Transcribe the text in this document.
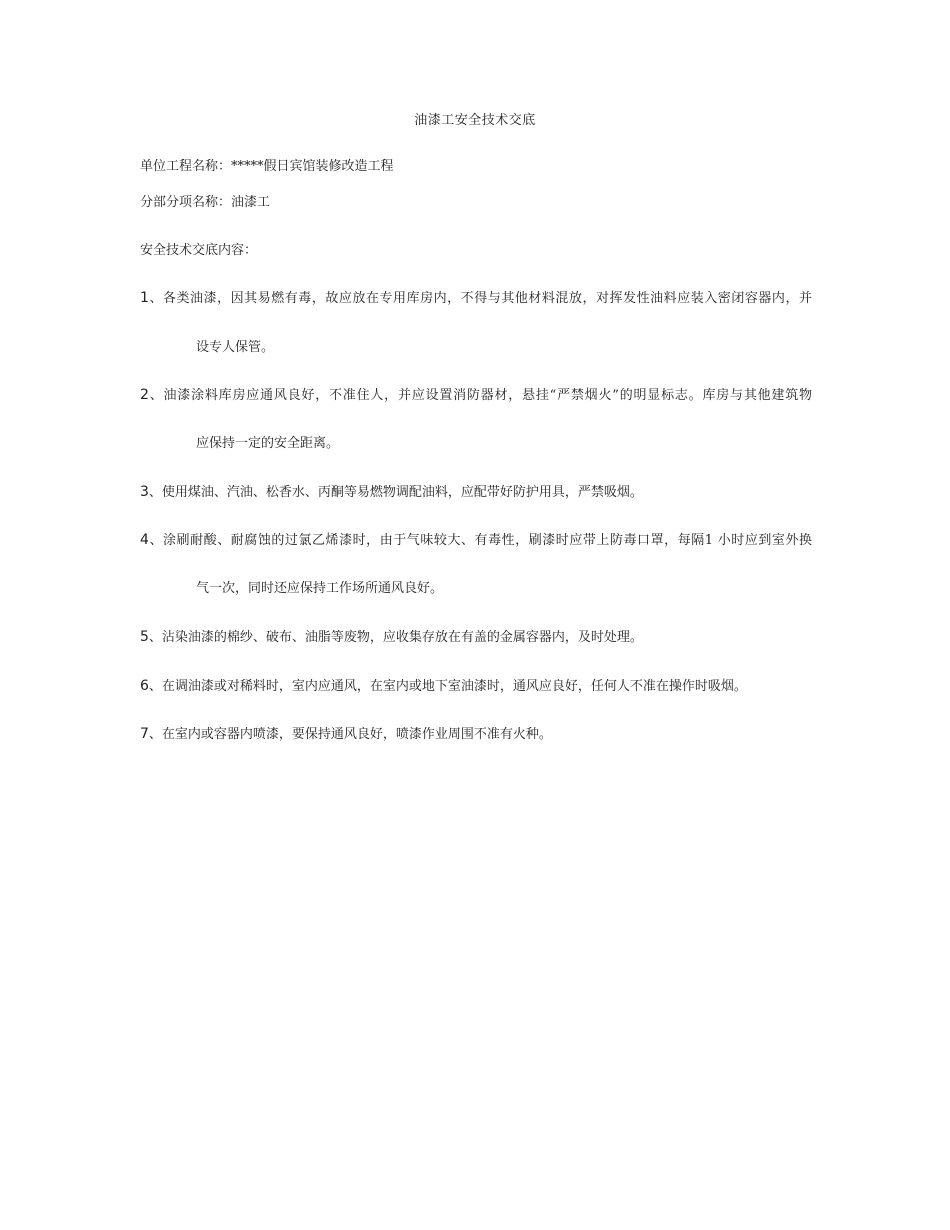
油漆工安全技术交底
单位工程名称：*****假日宾馆装修改造工程
分部分项名称：油漆工
安全技术交底内容：
1、各类油漆，因其易燃有毒，故应放在专用库房内，不得与其他材料混放，对挥发性油料应装入密闭容器内，并
设专人保管。
2、油漆涂料库房应通风良好，不准住人，并应设置消防器材，悬挂“严禁烟火”的明显标志。库房与其他建筑物
应保持一定的安全距离。
3、使用煤油、汽油、松香水、丙酮等易燃物调配油料，应配带好防护用具，严禁吸烟。
4、涂刷耐酸、耐腐蚀的过氯乙烯漆时，由于气味较大、有毒性，刷漆时应带上防毒口罩，每隔1 小时应到室外换
气一次，同时还应保持工作场所通风良好。
5、沾染油漆的棉纱、破布、油脂等废物，应收集存放在有盖的金属容器内，及时处理。
6、在调油漆或对稀料时，室内应通风，在室内或地下室油漆时，通风应良好，任何人不准在操作时吸烟。
7、在室内或容器内喷漆，要保持通风良好，喷漆作业周围不准有火种。
